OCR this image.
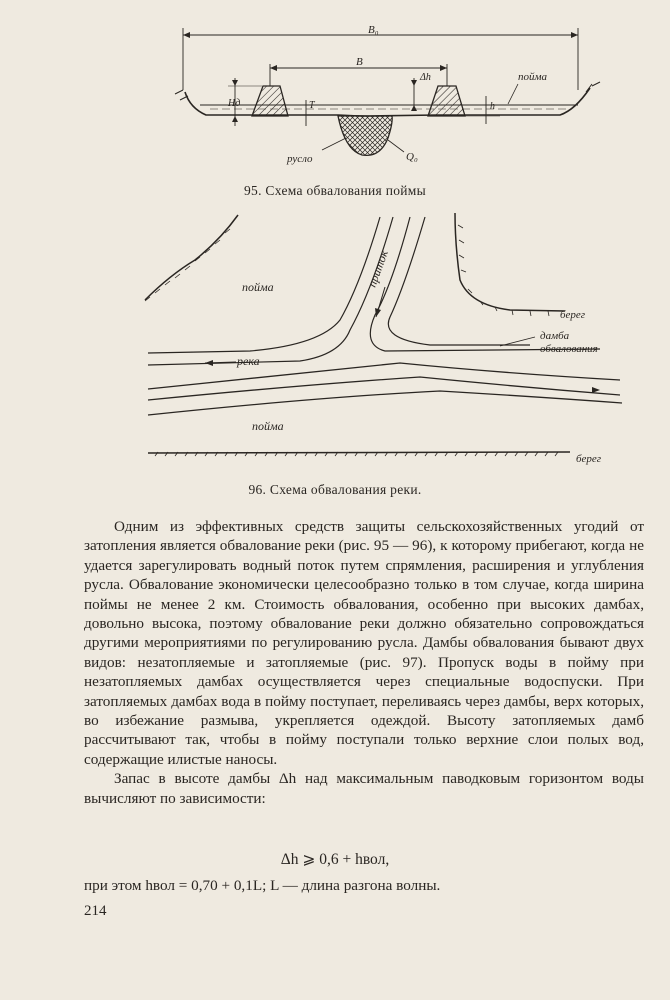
B₀
B
Δh	пойма
Нд	Т	h
русло	Q₀
95. Схема обвалования поймы
пойма	приток
берег
дамба
обвалования
река
пойма
берег
96. Схема обвалования реки.

Одним из эффективных средств защиты сельскохозяйственных угодий от затопления является обвалование реки (рис. 95 — 96), к которому прибегают, когда не удается зарегулировать водный поток путем спрямления, расширения и углубления русла. Обвалование экономически целесообразно только в том случае, когда ширина поймы не менее 2 км. Стоимость обвалования, особенно при высоких дамбах, довольно высока, поэтому обвалование реки должно обязательно сопровождаться другими мероприятиями по регулированию русла. Дамбы обвалования бывают двух видов: незатопляемые и затопляемые (рис. 97). Пропуск воды в пойму при незатопляемых дамбах осуществляется через специальные водоспуски. При затопляемых дамбах вода в пойму поступает, переливаясь через дамбы, верх которых, во избежание размыва, укрепляется одеждой. Высоту затопляемых дамб рассчитывают так, чтобы в пойму поступали только верхние слои полых вод, содержащие илистые наносы.

Запас в высоте дамбы Δh над максимальным паводковым горизонтом воды вычисляют по зависимости:

Δh ⩾ 0,6 + hвол,
при этом hвол = 0,70 + 0,1L; L — длина разгона волны.
214
